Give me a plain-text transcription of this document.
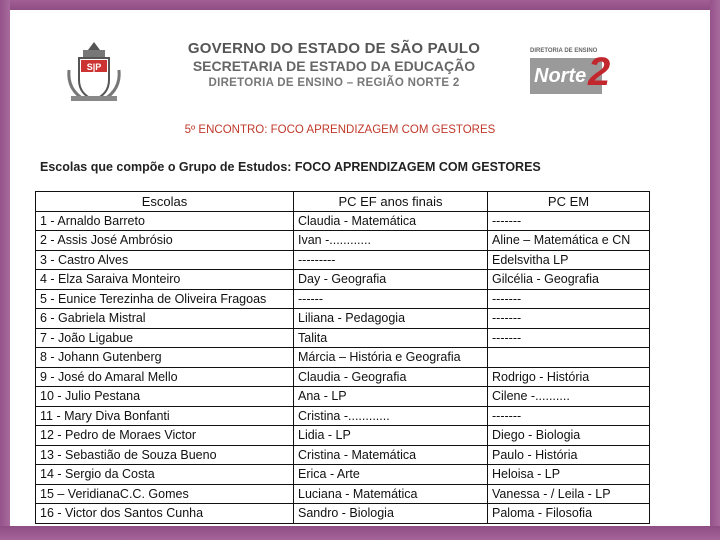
S|P
GOVERNO DO ESTADO DE SÃO PAULO
SECRETARIA DE ESTADO DA EDUCAÇÃO
DIRETORIA DE ENSINO – REGIÃO NORTE 2
DIRETORIA DE ENSINO
Norte 2
5º ENCONTRO: FOCO APRENDIZAGEM COM GESTORES
Escolas que compõe o Grupo de Estudos: FOCO APRENDIZAGEM COM GESTORES
Escolas	PC EF anos finais	PC EM
1 - Arnaldo Barreto	Claudia - Matemática	-------
2 - Assis José Ambrósio	Ivan -............	Aline – Matemática e CN
3 - Castro Alves	---------	Edelsvitha LP
4 - Elza Saraiva Monteiro	Day - Geografia	Gilcélia - Geografia
5 - Eunice Terezinha de Oliveira Fragoas	------	-------
6 - Gabriela Mistral	Liliana - Pedagogia	-------
7 - João Ligabue	Talita	-------
8 - Johann Gutenberg	Márcia – História e Geografia	
9 - José do Amaral Mello	Claudia - Geografia	Rodrigo - História
10 - Julio Pestana	Ana - LP	Cilene -..........
11 - Mary Diva Bonfanti	Cristina -............	-------
12 - Pedro de Moraes Victor	Lidia - LP	Diego - Biologia
13 - Sebastião de Souza Bueno	Cristina - Matemática	Paulo - História
14 - Sergio da Costa	Erica - Arte	Heloisa - LP
15 – VeridianaC.C. Gomes	Luciana - Matemática	Vanessa - / Leila - LP
16 - Victor dos Santos Cunha	Sandro - Biologia	Paloma - Filosofia
